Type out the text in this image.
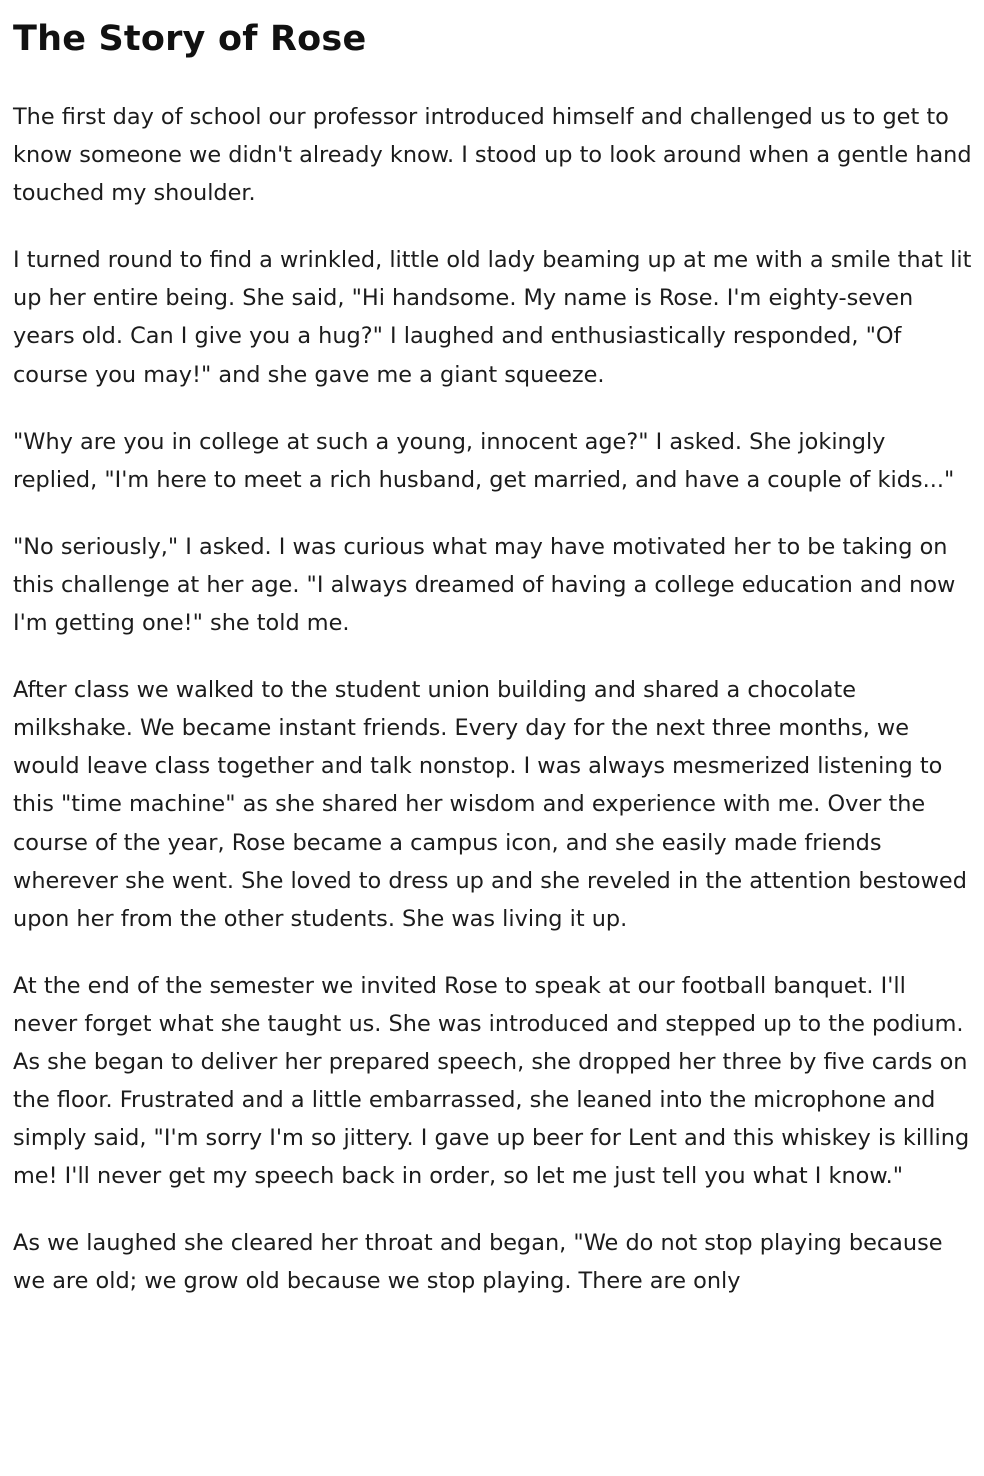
The Story of Rose

The first day of school our professor introduced himself and challenged us to get to know someone we didn't already know. I stood up to look around when a gentle hand touched my shoulder.

I turned round to find a wrinkled, little old lady beaming up at me with a smile that lit up her entire being. She said, "Hi handsome. My name is Rose. I'm eighty-seven years old. Can I give you a hug?" I laughed and enthusiastically responded, "Of course you may!" and she gave me a giant squeeze.

"Why are you in college at such a young, innocent age?" I asked. She jokingly replied, "I'm here to meet a rich husband, get married, and have a couple of kids..."

"No seriously," I asked. I was curious what may have motivated her to be taking on this challenge at her age. "I always dreamed of having a college education and now I'm getting one!" she told me.

After class we walked to the student union building and shared a chocolate milkshake. We became instant friends. Every day for the next three months, we would leave class together and talk nonstop. I was always mesmerized listening to this "time machine" as she shared her wisdom and experience with me. Over the course of the year, Rose became a campus icon, and she easily made friends wherever she went. She loved to dress up and she reveled in the attention bestowed upon her from the other students. She was living it up.

At the end of the semester we invited Rose to speak at our football banquet. I'll never forget what she taught us. She was introduced and stepped up to the podium. As she began to deliver her prepared speech, she dropped her three by five cards on the floor. Frustrated and a little embarrassed, she leaned into the microphone and simply said, "I'm sorry I'm so jittery. I gave up beer for Lent and this whiskey is killing me! I'll never get my speech back in order, so let me just tell you what I know."

As we laughed she cleared her throat and began, "We do not stop playing because we are old; we grow old because we stop playing. There are only
